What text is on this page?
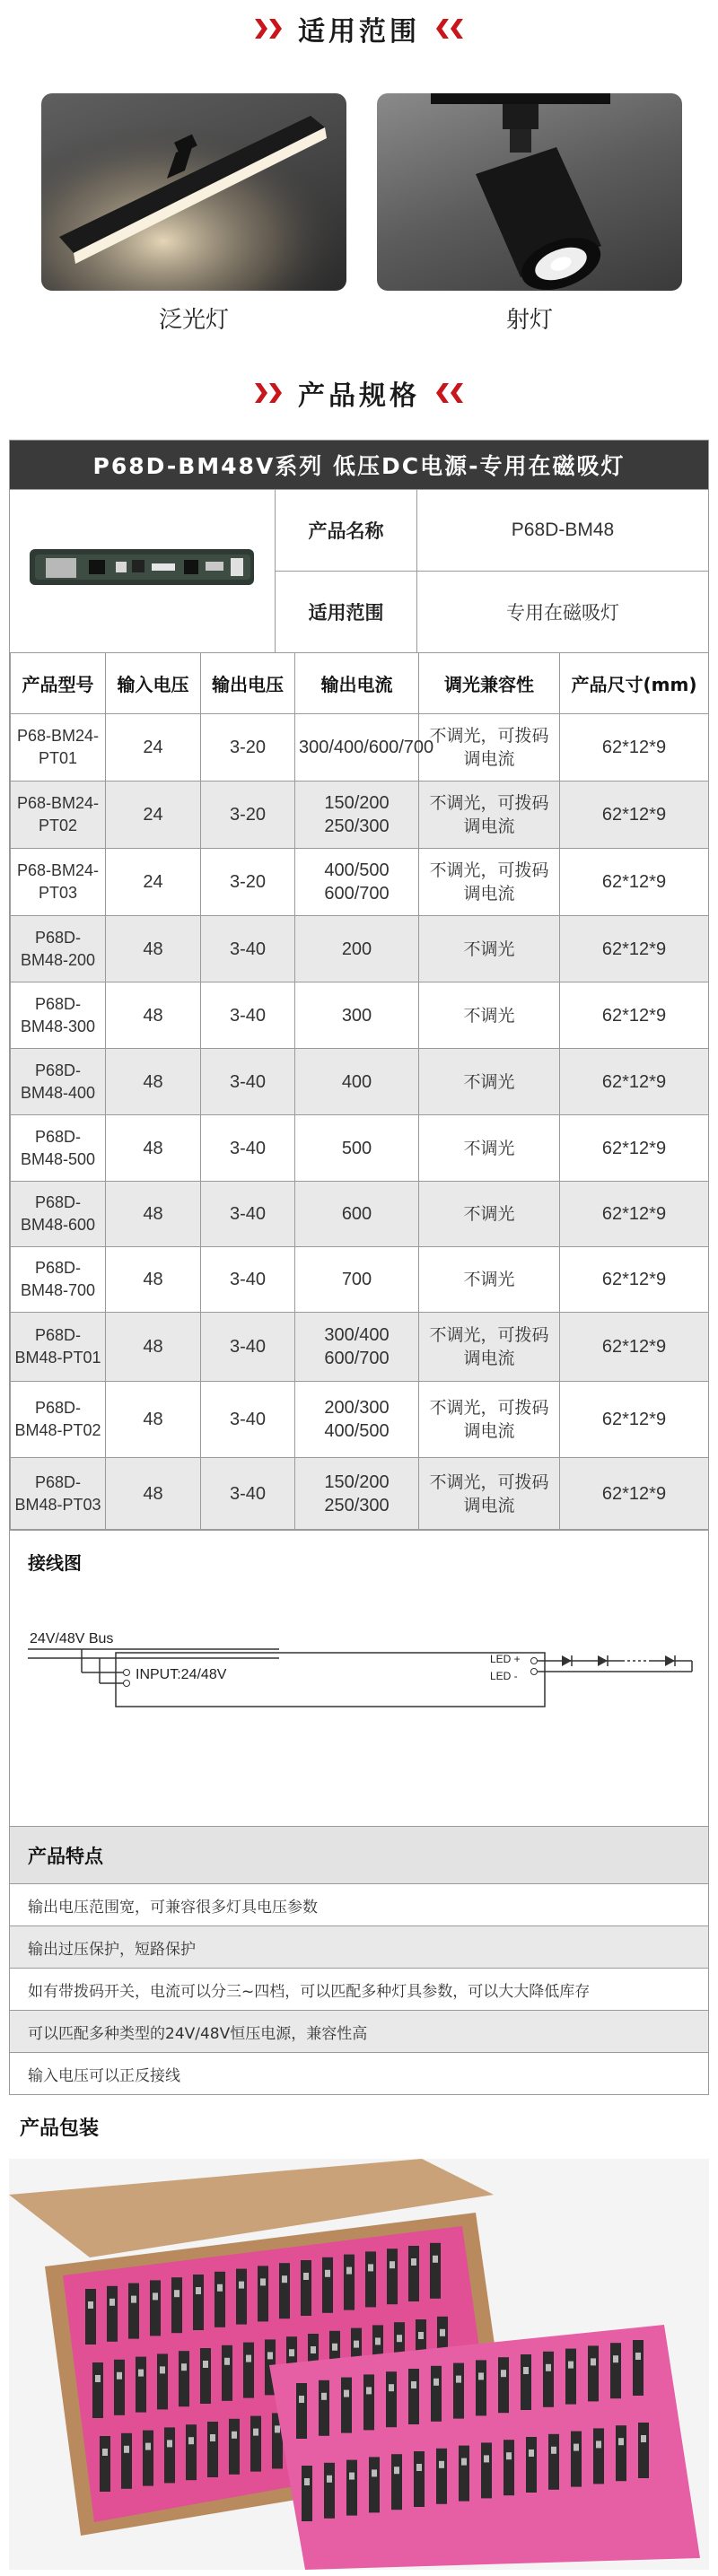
适用范围
泛光灯	射灯
产品规格
P68D-BM48V系列 低压DC电源-专用在磁吸灯
产品名称	P68D-BM48
适用范围	专用在磁吸灯
产品型号	输入电压	输出电压	输出电流	调光兼容性	产品尺寸(mm)
P68-BM24-PT01	24	3-20	300/400/600/700	不调光，可拨码调电流	62*12*9
P68-BM24-PT02	24	3-20	150/200 250/300	不调光，可拨码调电流	62*12*9
P68-BM24-PT03	24	3-20	400/500 600/700	不调光，可拨码调电流	62*12*9
P68D-BM48-200	48	3-40	200	不调光	62*12*9
P68D-BM48-300	48	3-40	300	不调光	62*12*9
P68D-BM48-400	48	3-40	400	不调光	62*12*9
P68D-BM48-500	48	3-40	500	不调光	62*12*9
P68D-BM48-600	48	3-40	600	不调光	62*12*9
P68D-BM48-700	48	3-40	700	不调光	62*12*9
P68D-BM48-PT01	48	3-40	300/400 600/700	不调光，可拨码调电流	62*12*9
P68D-BM48-PT02	48	3-40	200/300 400/500	不调光，可拨码调电流	62*12*9
P68D-BM48-PT03	48	3-40	150/200 250/300	不调光，可拨码调电流	62*12*9
接线图
24V/48V Bus
INPUT:24/48V
LED +
LED -
产品特点
输出电压范围宽，可兼容很多灯具电压参数
输出过压保护，短路保护
如有带拨码开关，电流可以分三~四档，可以匹配多种灯具参数，可以大大降低库存
可以匹配多种类型的24V/48V恒压电源，兼容性高
输入电压可以正反接线
产品包装
